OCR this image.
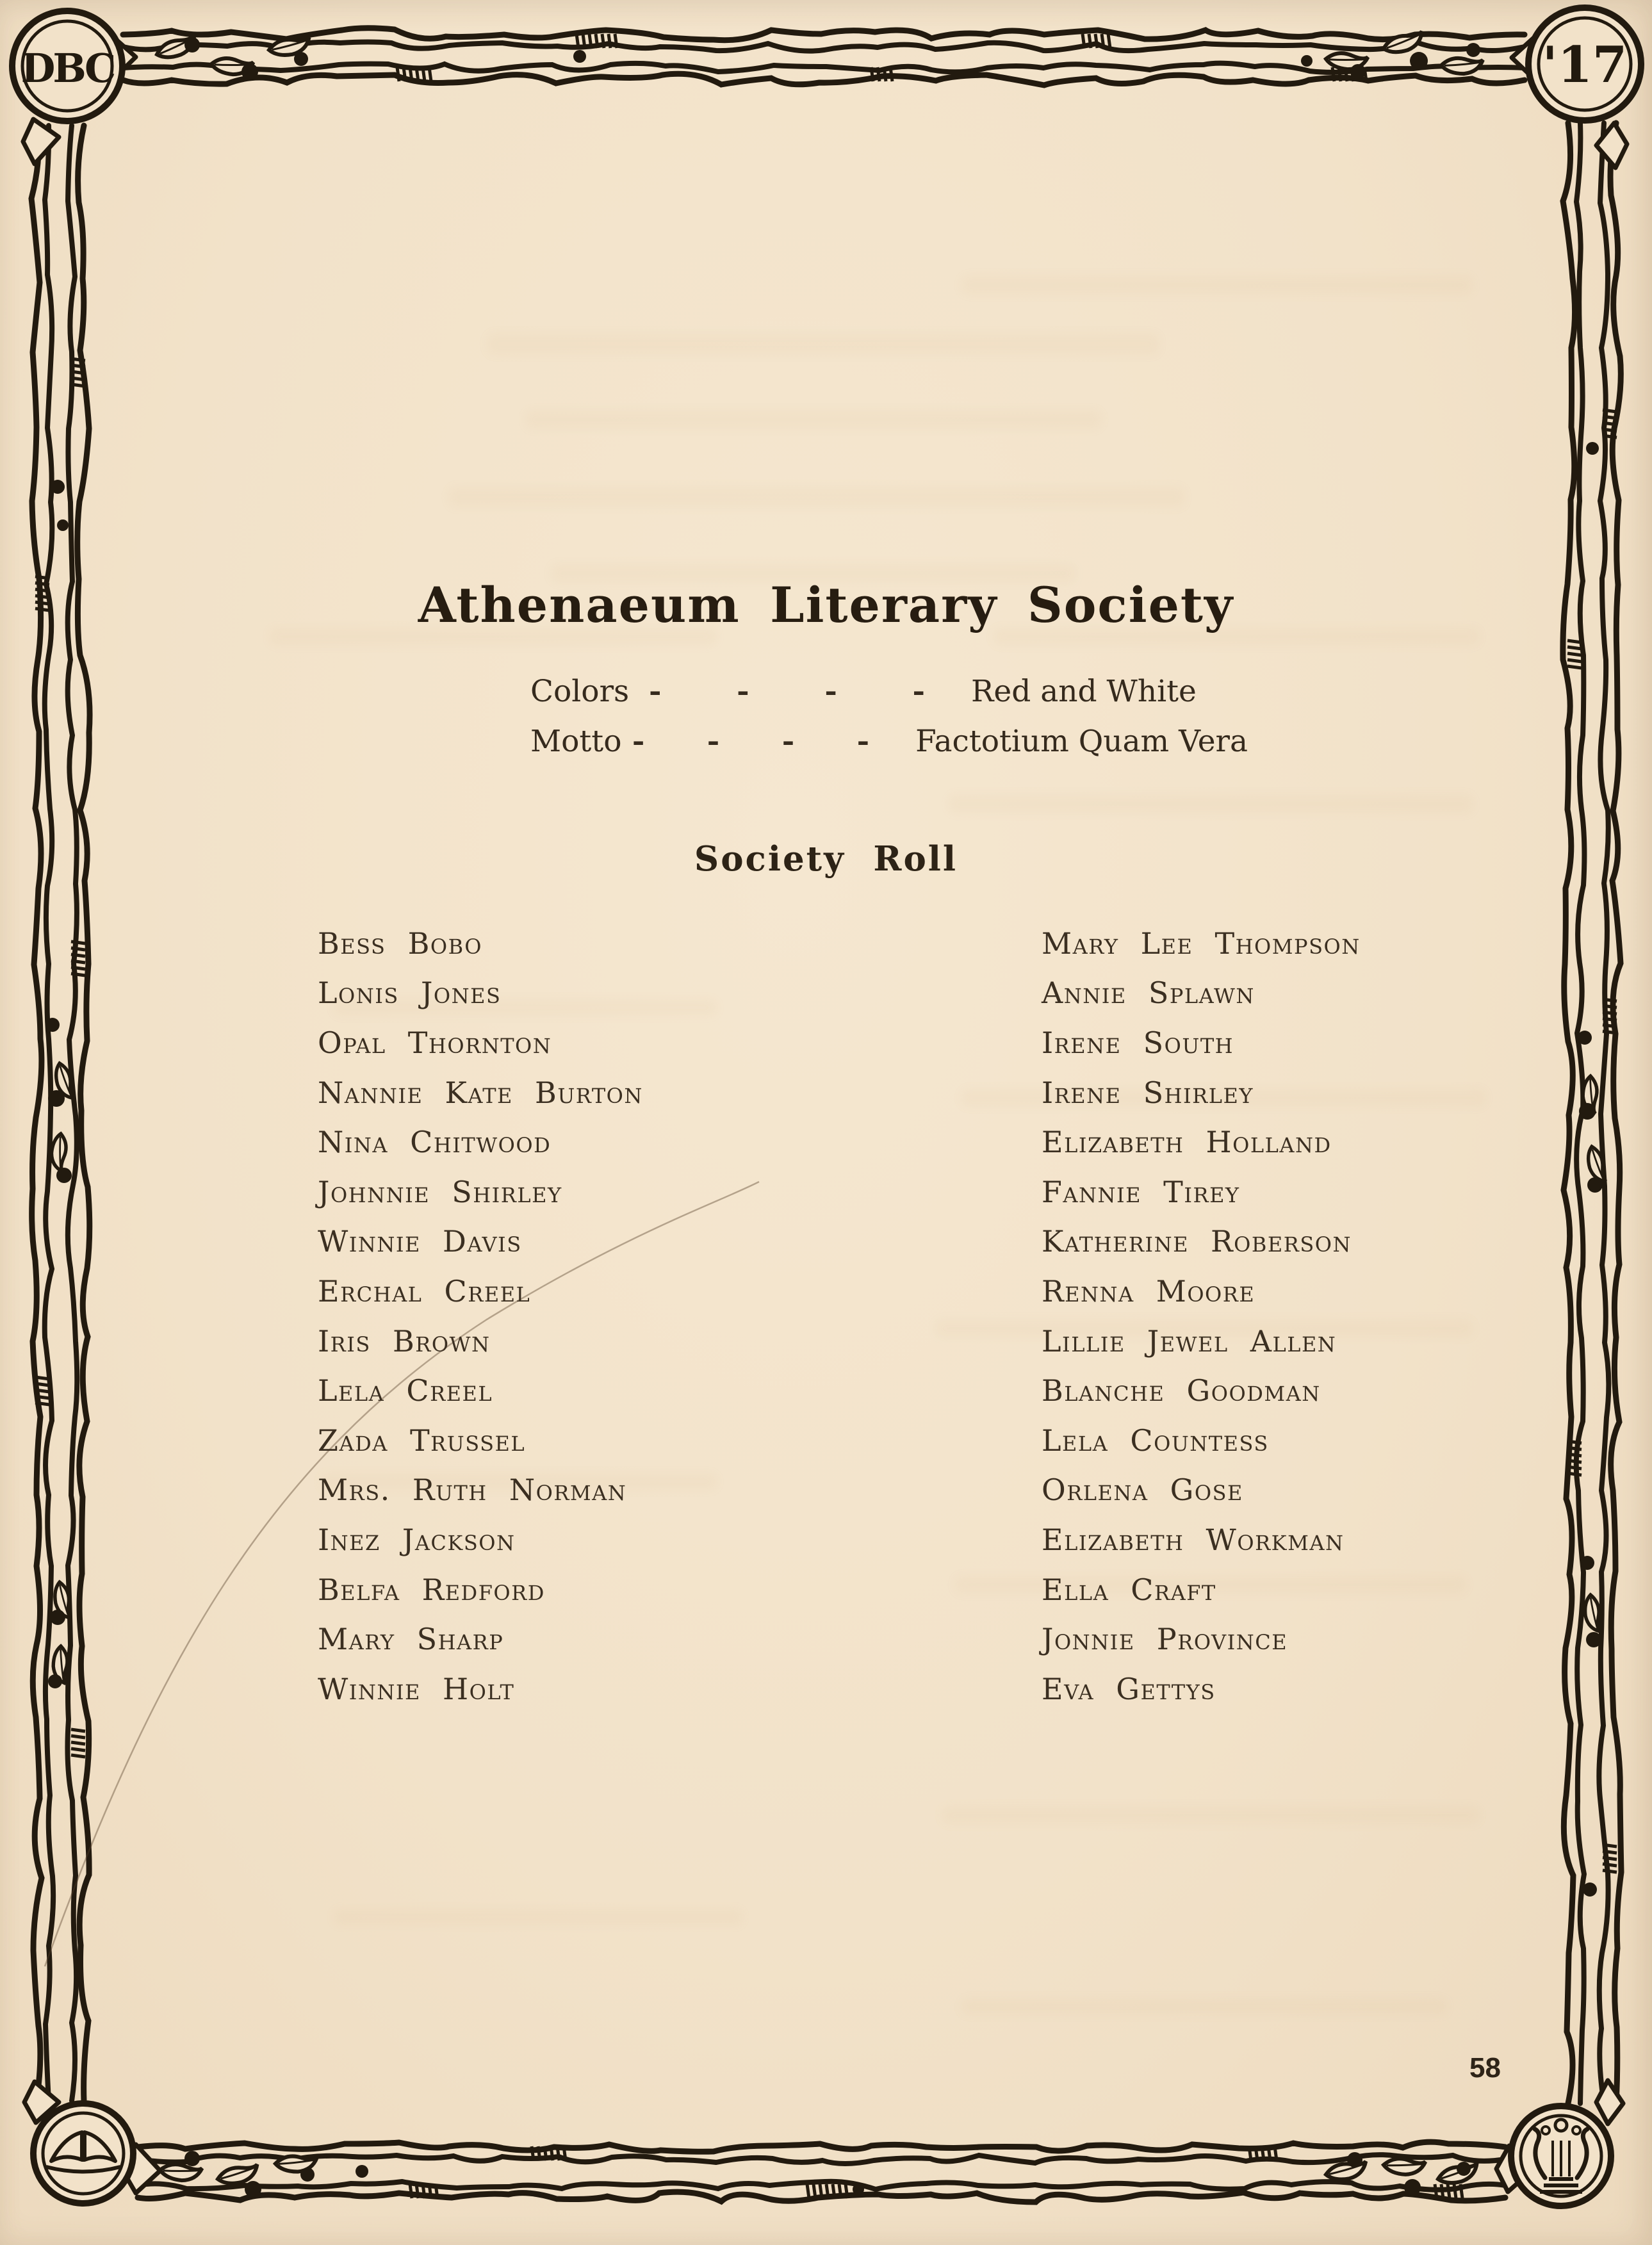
DBC	'17
Athenaeum Literary Society
Colors -	-	-	- Red and White
Motto - - - - Factotium Quam Vera
Society Roll
Bess Bobo
Lonis Jones
Opal Thornton
Nannie Kate Burton
Nina Chitwood
Johnnie Shirley
Winnie Davis
Erchal Creel
Iris Brown
Lela Creel
Zada Trussel
Mrs. Ruth Norman
Inez Jackson
Belfa Redford
Mary Sharp
Winnie Holt
Mary Lee Thompson
Annie Splawn
Irene South
Irene Shirley
Elizabeth Holland
Fannie Tirey
Katherine Roberson
Renna Moore
Lillie Jewel Allen
Blanche Goodman
Lela Countess
Orlena Gose
Elizabeth Workman
Ella Craft
Jonnie Province
Eva Gettys
58
